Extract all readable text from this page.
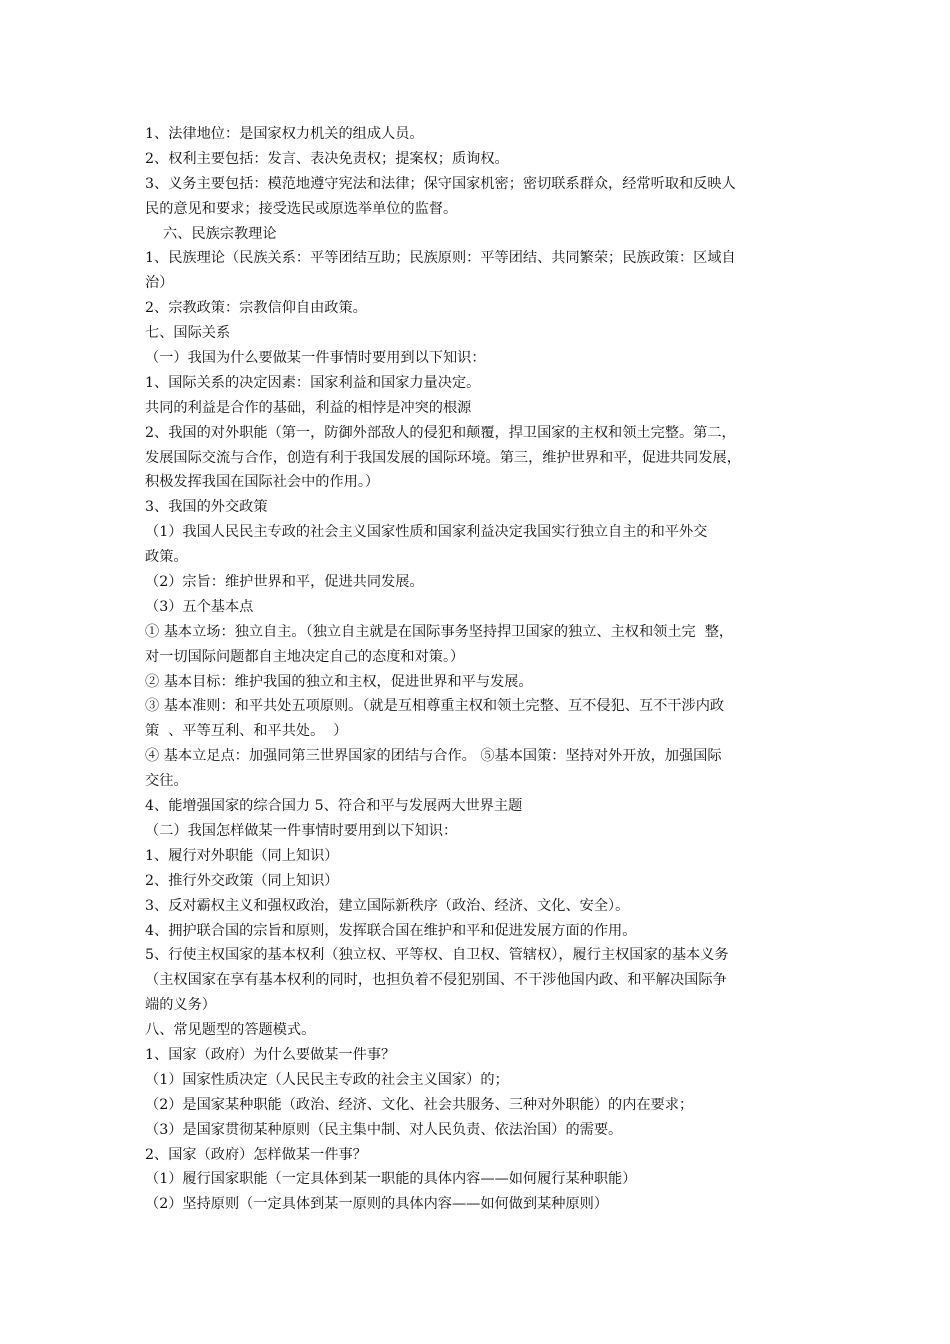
1、法律地位：是国家权力机关的组成人员。
2、权利主要包括：发言、表决免责权；提案权；质询权。
3、义务主要包括：模范地遵守宪法和法律；保守国家机密；密切联系群众，经常听取和反映人
民的意见和要求；接受选民或原选举单位的监督。
六、民族宗教理论
1、民族理论（民族关系：平等团结互助；民族原则：平等团结、共同繁荣；民族政策：区域自
治）
2、宗教政策：宗教信仰自由政策。
七、国际关系
（一）我国为什么要做某一件事情时要用到以下知识：
1、国际关系的决定因素：国家利益和国家力量决定。
共同的利益是合作的基础，利益的相悖是冲突的根源
2、我国的对外职能（第一，防御外部敌人的侵犯和颠覆，捍卫国家的主权和领土完整。第二，
发展国际交流与合作，创造有利于我国发展的国际环境。第三，维护世界和平，促进共同发展，
积极发挥我国在国际社会中的作用。）
3、我国的外交政策
（1）我国人民民主专政的社会主义国家性质和国家利益决定我国实行独立自主的和平外交
政策。
（2）宗旨：维护世界和平，促进共同发展。
（3）五个基本点
① 基本立场：独立自主。（独立自主就是在国际事务坚持捍卫国家的独立、主权和领土完  整，
对一切国际问题都自主地决定自己的态度和对策。）
② 基本目标：维护我国的独立和主权，促进世界和平与发展。
③ 基本准则：和平共处五项原则。（就是互相尊重主权和领土完整、互不侵犯、互不干涉内政
策  、平等互利、和平共处。  ）
④ 基本立足点：加强同第三世界国家的团结与合作。 ⑤基本国策：坚持对外开放，加强国际
交往。
4、能增强国家的综合国力 5、符合和平与发展两大世界主题
（二）我国怎样做某一件事情时要用到以下知识：
1、履行对外职能（同上知识）
2、推行外交政策（同上知识）
3、反对霸权主义和强权政治，建立国际新秩序（政治、经济、文化、安全）。
4、拥护联合国的宗旨和原则，发挥联合国在维护和平和促进发展方面的作用。
5、行使主权国家的基本权利（独立权、平等权、自卫权、管辖权），履行主权国家的基本义务
（主权国家在享有基本权利的同时，也担负着不侵犯别国、不干涉他国内政、和平解决国际争
端的义务）
八、常见题型的答题模式。
1、国家（政府）为什么要做某一件事？
（1）国家性质决定（人民民主专政的社会主义国家）的；
（2）是国家某种职能（政治、经济、文化、社会共服务、三种对外职能）的内在要求；
（3）是国家贯彻某种原则（民主集中制、对人民负责、依法治国）的需要。
2、国家（政府）怎样做某一件事？
（1）履行国家职能（一定具体到某一职能的具体内容——如何履行某种职能）
（2）坚持原则（一定具体到某一原则的具体内容——如何做到某种原则）
